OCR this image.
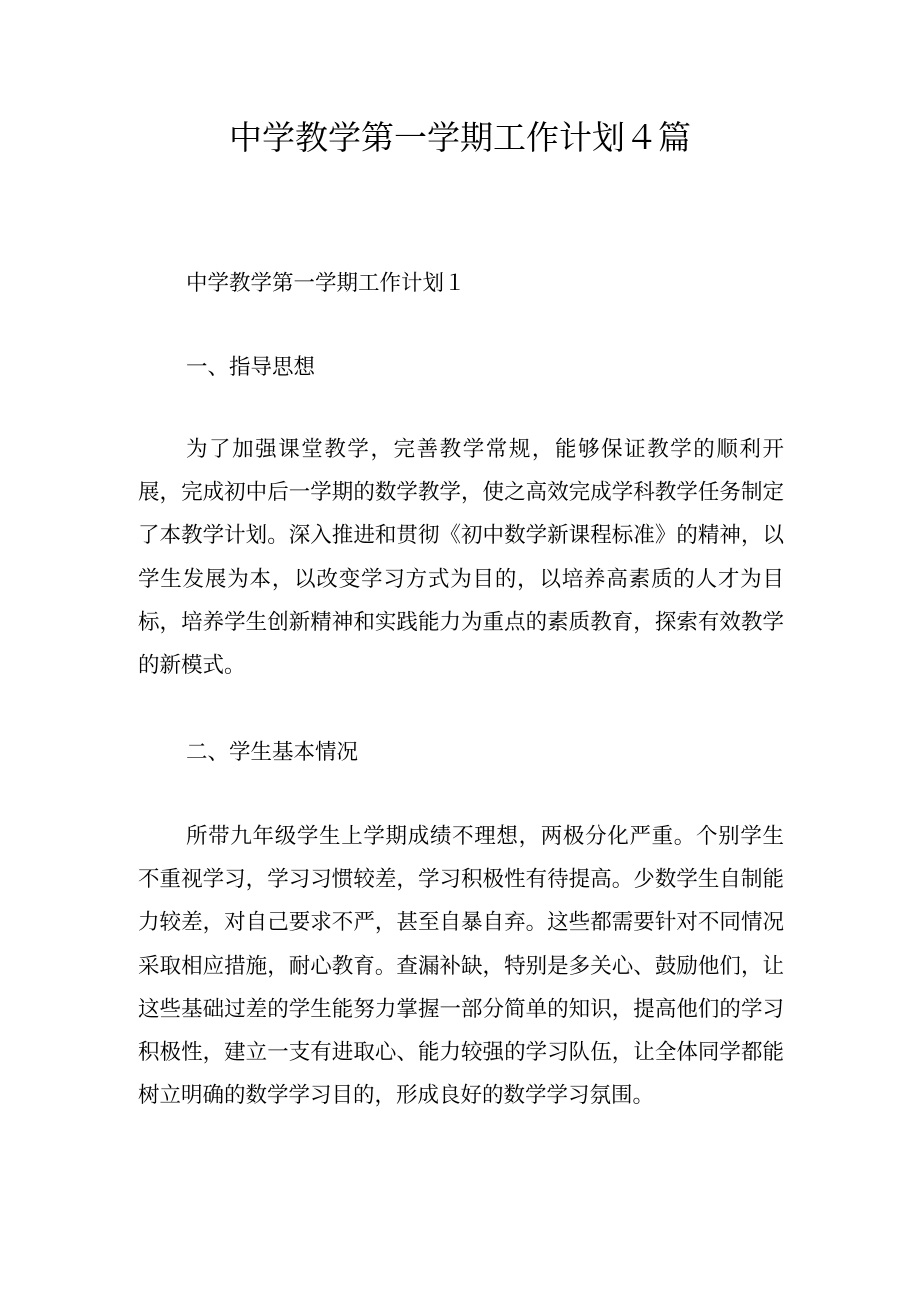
中学教学第一学期工作计划４篇

中学教学第一学期工作计划１

一、指导思想

为了加强课堂教学，完善教学常规，能够保证教学的顺利开展，完成初中后一学期的数学教学，使之高效完成学科教学任务制定了本教学计划。深入推进和贯彻《初中数学新课程标准》的精神，以学生发展为本，以改变学习方式为目的，以培养高素质的人才为目标，培养学生创新精神和实践能力为重点的素质教育，探索有效教学的新模式。

二、学生基本情况

所带九年级学生上学期成绩不理想，两极分化严重。个别学生不重视学习，学习习惯较差，学习积极性有待提高。少数学生自制能力较差，对自己要求不严，甚至自暴自弃。这些都需要针对不同情况采取相应措施，耐心教育。查漏补缺，特别是多关心、鼓励他们，让这些基础过差的学生能努力掌握一部分简单的知识，提高他们的学习积极性，建立一支有进取心、能力较强的学习队伍，让全体同学都能树立明确的数学学习目的，形成良好的数学学习氛围。
